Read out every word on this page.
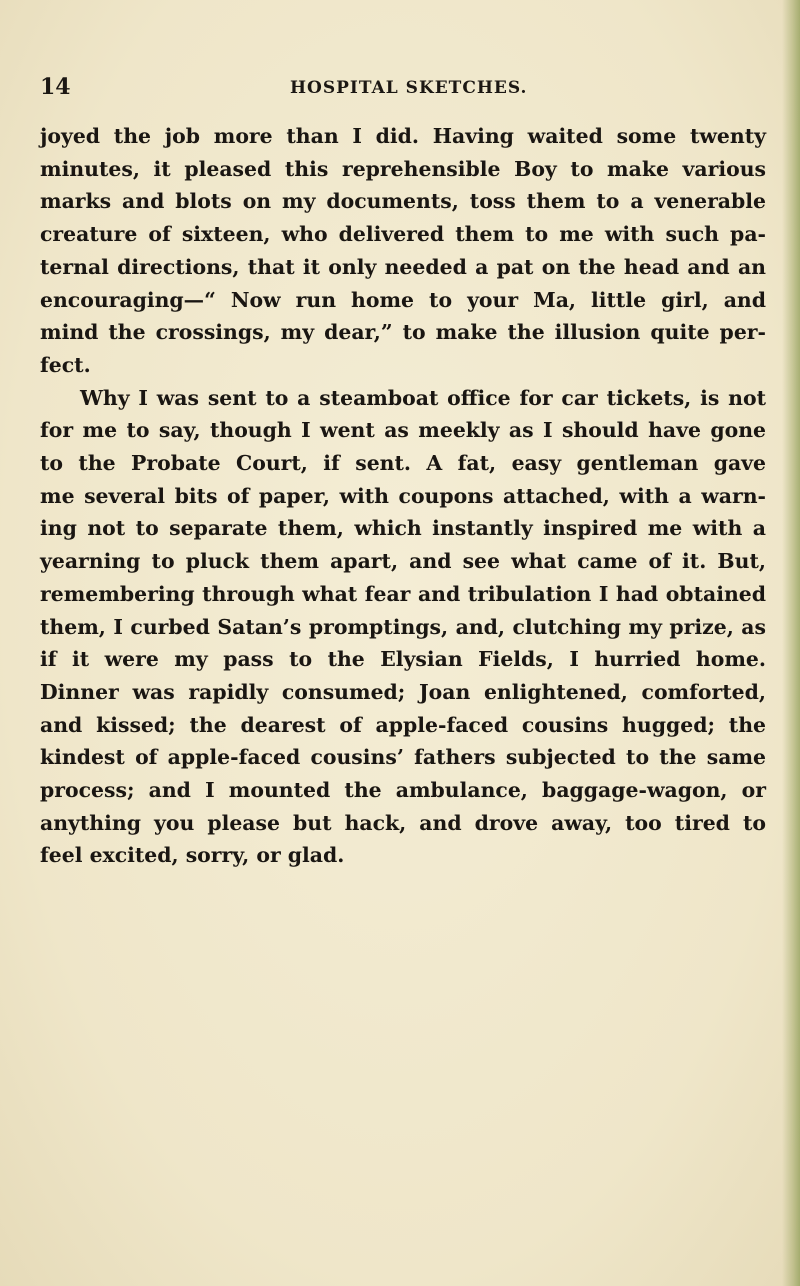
14	HOSPITAL SKETCHES.

joyed the job more than I did. Having waited some twenty
minutes, it pleased this reprehensible Boy to make various
marks and blots on my documents, toss them to a venerable
creature of sixteen, who delivered them to me with such pa-
ternal directions, that it only needed a pat on the head and an
encouraging—“ Now run home to your Ma, little girl, and
mind the crossings, my dear,” to make the illusion quite per-
fect.

Why I was sent to a steamboat office for car tickets, is not
for me to say, though I went as meekly as I should have gone
to the Probate Court, if sent. A fat, easy gentleman gave
me several bits of paper, with coupons attached, with a warn-
ing not to separate them, which instantly inspired me with a
yearning to pluck them apart, and see what came of it. But,
remembering through what fear and tribulation I had obtained
them, I curbed Satan’s promptings, and, clutching my prize, as
if it were my pass to the Elysian Fields, I hurried home.
Dinner was rapidly consumed; Joan enlightened, comforted,
and kissed; the dearest of apple-faced cousins hugged; the
kindest of apple-faced cousins’ fathers subjected to the same
process; and I mounted the ambulance, baggage-wagon, or
anything you please but hack, and drove away, too tired to
feel excited, sorry, or glad.
